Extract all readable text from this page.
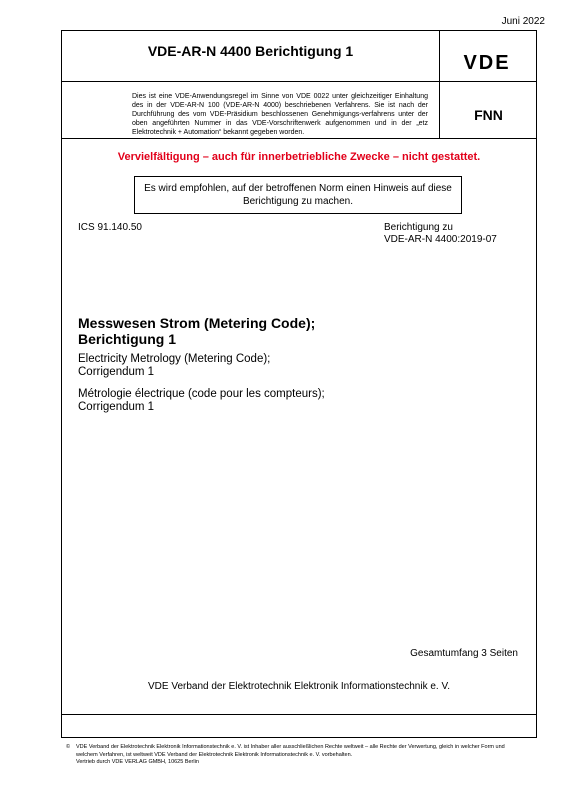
Juni 2022
VDE-AR-N 4400 Berichtigung 1
VDE
Dies ist eine VDE-Anwendungsregel im Sinne von VDE 0022 unter gleichzeitiger Einhaltung des in der VDE-AR-N 100 (VDE-AR-N 4000) beschriebenen Verfahrens. Sie ist nach der Durchführung des vom VDE-Präsidium beschlossenen Genehmigungs-verfahrens unter der oben angeführten Nummer in das VDE-Vorschriftenwerk aufgenommen und in der „etz Elektrotechnik + Automation“ bekannt gegeben worden.
FNN
Vervielfältigung – auch für innerbetriebliche Zwecke – nicht gestattet.
Es wird empfohlen, auf der betroffenen Norm einen Hinweis auf diese Berichtigung zu machen.
ICS 91.140.50	Berichtigung zu
VDE-AR-N 4400:2019-07
Messwesen Strom (Metering Code);
Berichtigung 1
Electricity Metrology (Metering Code);
Corrigendum 1
Métrologie électrique (code pour les compteurs);
Corrigendum 1
Gesamtumfang 3 Seiten
VDE Verband der Elektrotechnik Elektronik Informationstechnik e. V.
©	VDE Verband der Elektrotechnik Elektronik Informationstechnik e. V. ist Inhaber aller ausschließlichen Rechte weltweit – alle Rechte der Verwertung, gleich in welcher Form und welchem Verfahren, ist weltweit VDE Verband der Elektrotechnik Elektronik Informationstechnik e. V. vorbehalten.
Vertrieb durch VDE VERLAG GMBH, 10625 Berlin
